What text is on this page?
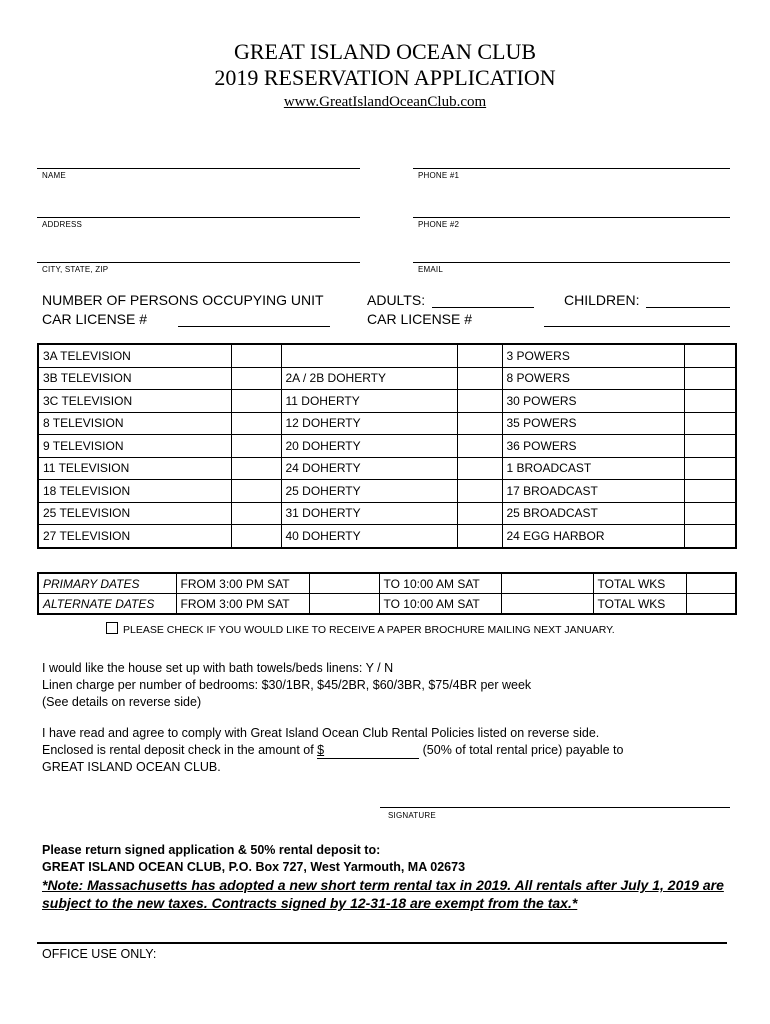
GREAT ISLAND OCEAN CLUB
2019 RESERVATION APPLICATION
www.GreatIslandOceanClub.com
NAME	PHONE #1
ADDRESS	PHONE #2
CITY, STATE, ZIP	EMAIL
NUMBER OF PERSONS OCCUPYING UNIT	ADULTS:	CHILDREN:
CAR LICENSE #	CAR LICENSE #
3A TELEVISION				3 POWERS	
3B TELEVISION		2A / 2B DOHERTY		8 POWERS	
3C TELEVISION		11 DOHERTY		30 POWERS	
8 TELEVISION		12 DOHERTY		35 POWERS	
9 TELEVISION		20 DOHERTY		36 POWERS	
11 TELEVISION		24 DOHERTY		1 BROADCAST	
18 TELEVISION		25 DOHERTY		17 BROADCAST	
25 TELEVISION		31 DOHERTY		25 BROADCAST	
27 TELEVISION		40 DOHERTY		24 EGG HARBOR	
PRIMARY DATES	FROM 3:00 PM SAT		TO 10:00 AM SAT		TOTAL WKS	
ALTERNATE DATES	FROM 3:00 PM SAT		TO 10:00 AM SAT		TOTAL WKS	
PLEASE CHECK IF YOU WOULD LIKE TO RECEIVE A PAPER BROCHURE MAILING NEXT JANUARY.
I would like the house set up with bath towels/beds linens: Y / N
Linen charge per number of bedrooms: $30/1BR, $45/2BR, $60/3BR, $75/4BR per week
(See details on reverse side)
I have read and agree to comply with Great Island Ocean Club Rental Policies listed on reverse side.
Enclosed is rental deposit check in the amount of $	(50% of total rental price) payable to
GREAT ISLAND OCEAN CLUB.
SIGNATURE
Please return signed application & 50% rental deposit to:
GREAT ISLAND OCEAN CLUB, P.O. Box 727, West Yarmouth, MA 02673
*Note: Massachusetts has adopted a new short term rental tax in 2019. All rentals after July 1, 2019 are subject to the new taxes. Contracts signed by 12-31-18 are exempt from the tax.*
OFFICE USE ONLY:
